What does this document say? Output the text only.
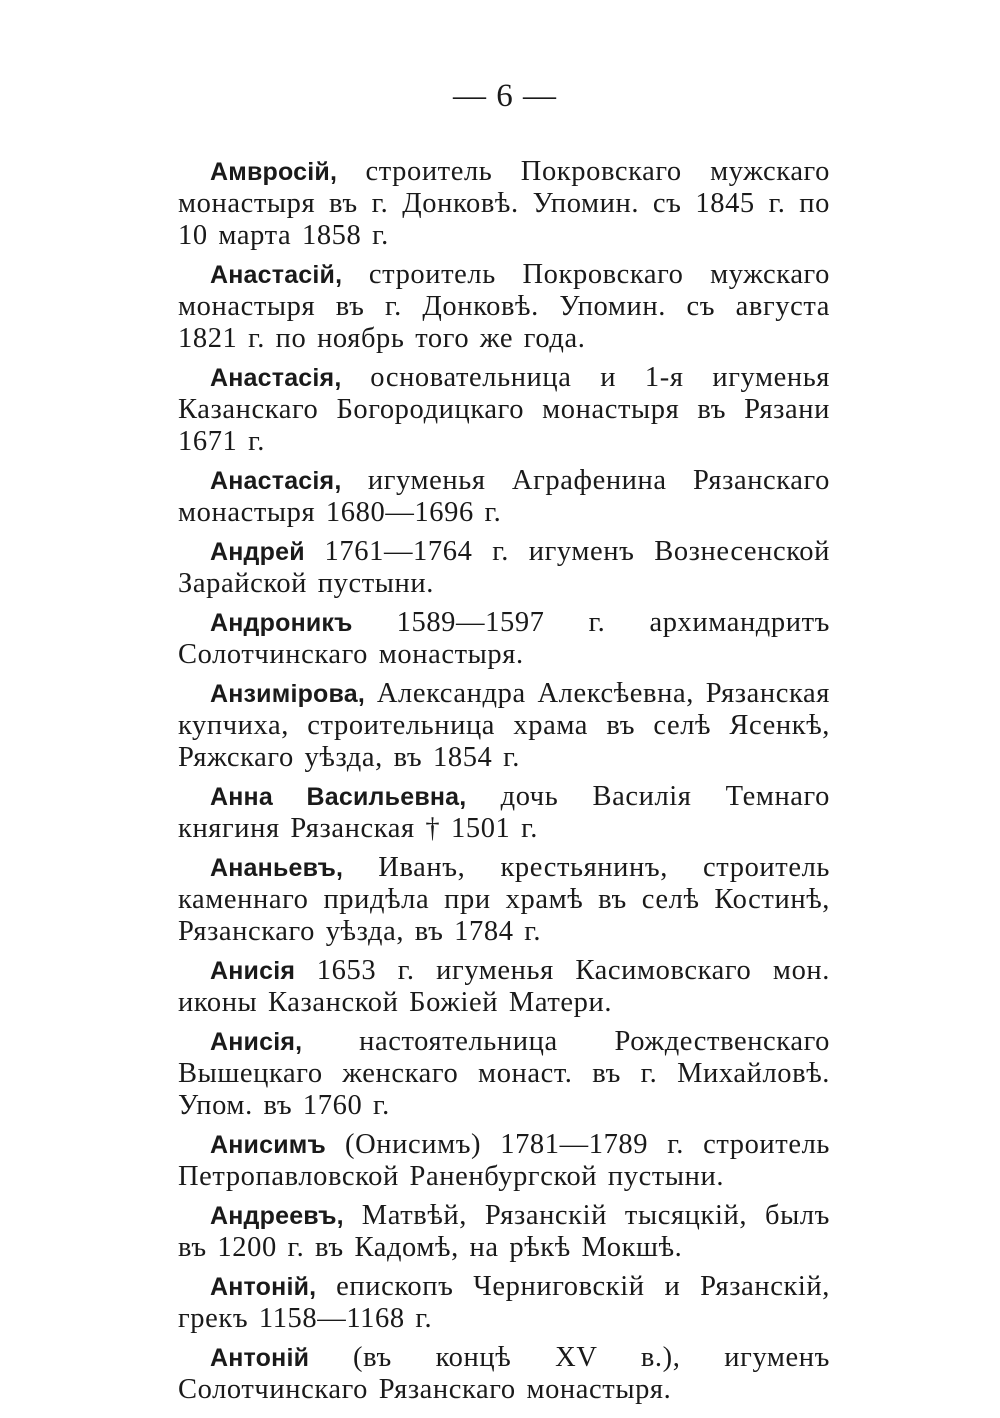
— 6 —

Амвросій, строитель Покровскаго мужскаго монастыря въ г. Донковѣ. Упомин. съ 1845 г. по 10 марта 1858 г.

Анастасій, строитель Покровскаго мужскаго монастыря въ г. Донковѣ. Упомин. съ августа 1821 г. по ноябрь того же года.

Анастасія, основательница и 1-я игуменья Казанскаго Богородицкаго монастыря въ Рязани 1671 г.

Анастасія, игуменья Аграфенина Рязанскаго монастыря 1680—1696 г.

Андрей 1761—1764 г. игуменъ Вознесенской Зарайской пустыни.

Андроникъ 1589—1597 г. архимандритъ Солотчинскаго монастыря.

Анзимірова, Александра Алексѣевна, Рязанская купчиха, строительница храма въ селѣ Ясенкѣ, Ряжскаго уѣзда, въ 1854 г.

Анна Васильевна, дочь Василія Темнаго княгиня Рязанская † 1501 г.

Ананьевъ, Иванъ, крестьянинъ, строитель каменнаго придѣла при храмѣ въ селѣ Костинѣ, Рязанскаго уѣзда, въ 1784 г.

Анисія 1653 г. игуменья Касимовскаго мон. иконы Казанской Божіей Матери.

Анисія, настоятельница Рождественскаго Вышецкаго женскаго монаст. въ г. Михайловѣ. Упом. въ 1760 г.

Анисимъ (Онисимъ) 1781—1789 г. строитель Петропавловской Раненбургской пустыни.

Андреевъ, Матвѣй, Рязанскій тысяцкій, былъ въ 1200 г. въ Кадомѣ, на рѣкѣ Мокшѣ.

Антоній, епископъ Черниговскій и Рязанскій, грекъ 1158—1168 г.

Антоній (въ концѣ XV в.), игуменъ Солотчинскаго Рязанскаго монастыря.
